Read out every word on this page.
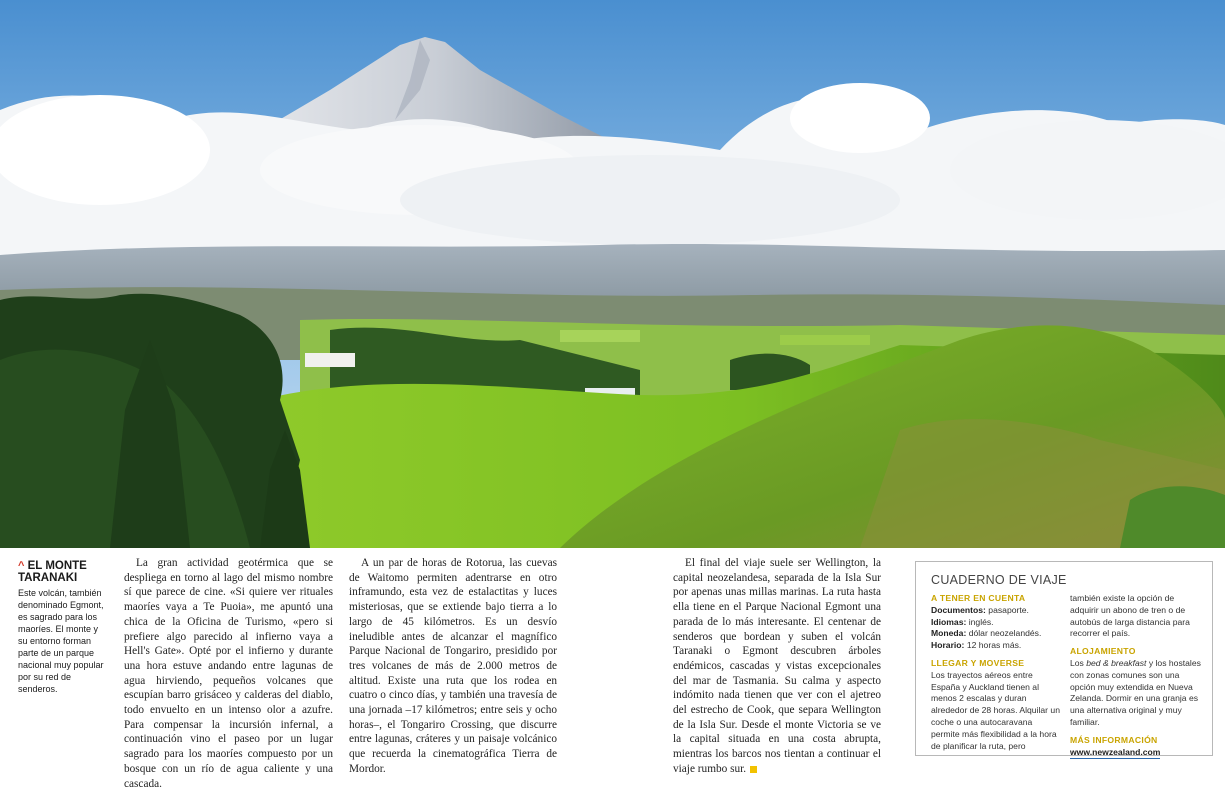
^ EL MONTE TARANAKI
Este volcán, también denominado Egmont, es sagrado para los maoríes. El monte y su entorno forman parte de un parque nacional muy popular por su red de senderos.

La gran actividad geotérmica que se despliega en torno al lago del mismo nombre sí que parece de cine. «Si quiere ver rituales maoríes vaya a Te Puoia», me apuntó una chica de la Oficina de Turismo, «pero si prefiere algo parecido al infierno vaya a Hell's Gate». Opté por el infierno y durante una hora estuve andando entre lagunas de agua hirviendo, pequeños volcanes que escupían barro grisáceo y calderas del diablo, todo envuelto en un intenso olor a azufre. Para compensar la incursión infernal, a continuación vino el paseo por un lugar sagrado para los maoríes compuesto por un bosque con un río de agua caliente y una cascada.

A un par de horas de Rotorua, las cuevas de Waitomo permiten adentrarse en otro inframundo, esta vez de estalactitas y luces misteriosas, que se extiende bajo tierra a lo largo de 45 kilómetros. Es un desvío ineludible antes de alcanzar el magnífico Parque Nacional de Tongariro, presidido por tres volcanes de más de 2.000 metros de altitud. Existe una ruta que los rodea en cuatro o cinco días, y también una travesía de una jornada –17 kilómetros; entre seis y ocho horas–, el Tongariro Crossing, que discurre entre lagunas, cráteres y un paisaje volcánico que recuerda la cinematográfica Tierra de Mordor.

El final del viaje suele ser Wellington, la capital neozelandesa, separada de la Isla Sur por apenas unas millas marinas. La ruta hasta ella tiene en el Parque Nacional Egmont una parada de lo más interesante. El centenar de senderos que bordean y suben el volcán Taranaki o Egmont descubren árboles endémicos, cascadas y vistas excepcionales del mar de Tasmania. Su calma y aspecto indómito nada tienen que ver con el ajetreo del estrecho de Cook, que separa Wellington de la Isla Sur. Desde el monte Victoria se ve la capital situada en una costa abrupta, mientras los barcos nos tientan a continuar el viaje rumbo sur.

CUADERNO DE VIAJE
A TENER EN CUENTA
Documentos: pasaporte.
Idiomas: inglés.
Moneda: dólar neozelandés.
Horario: 12 horas más.
LLEGAR Y MOVERSE
Los trayectos aéreos entre España y Auckland tienen al menos 2 escalas y duran alrededor de 28 horas. Alquilar un coche o una autocaravana permite más flexibilidad a la hora de planificar la ruta, pero
también existe la opción de adquirir un abono de tren o de autobús de larga distancia para recorrer el país.
ALOJAMIENTO
Los bed & breakfast y los hostales con zonas comunes son una opción muy extendida en Nueva Zelanda. Dormir en una granja es una alternativa original y muy familiar.
MÁS INFORMACIÓN
www.newzealand.com
